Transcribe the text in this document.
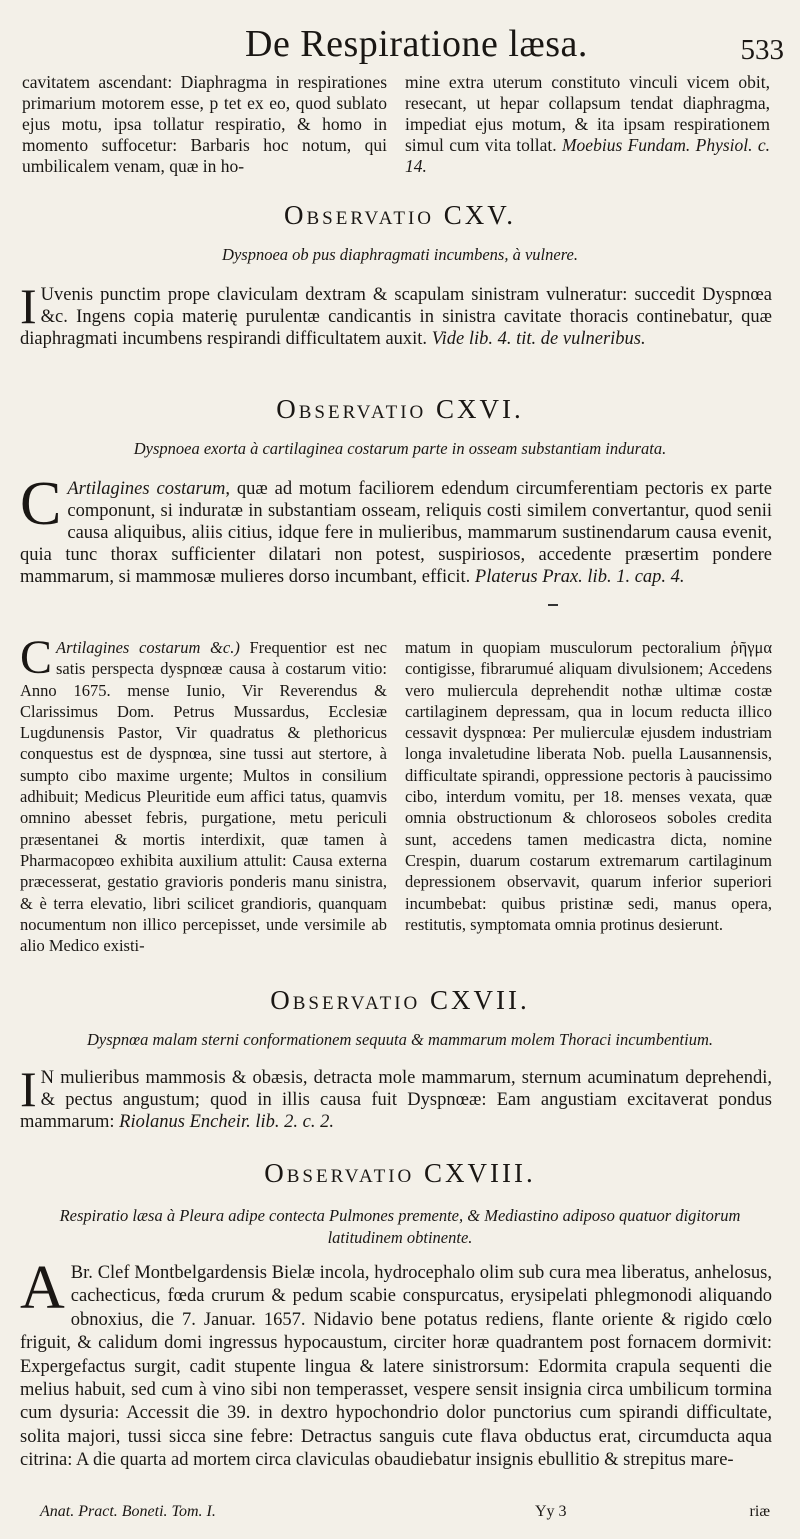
De Respiratione læsa.	533

cavitatem ascendant: Diaphragma in respirationes primarium motorem esse, p tet ex eo, quod sublato ejus motu, ipsa tollatur respiratio, & homo in momento suffocetur: Barbaris hoc notum, qui umbilicalem venam, quæ in ho-

mine extra uterum constituto vinculi vicem obit, resecant, ut hepar collapsum tendat diaphragma, impediat ejus motum, & ita ipsam respirationem simul cum vita tollat. Moebius Fundam. Physiol. c. 14.

Observatio CXV.
Dyspnoea ob pus diaphragmati incumbens, à vulnere.

I Uvenis punctim prope claviculam dextram & scapulam sinistram vulneratur: succedit Dyspnœa &c. Ingens copia materię purulentæ candicantis in sinistra cavitate thoracis continebatur, quæ diaphragmati incumbens respirandi difficultatem auxit. Vide lib. 4. tit. de vulneribus.

Observatio CXVI.
Dyspnoea exorta à cartilaginea costarum parte in osseam substantiam indurata.

C Artilagines costarum, quæ ad motum faciliorem edendum circumferentiam pectoris ex parte componunt, si induratæ in substantiam osseam, reliquis costi similem convertantur, quod senii causa aliquibus, aliis citius, idque fere in mulieribus, mammarum sustinendarum causa evenit, quia tunc thorax sufficienter dilatari non potest, suspiriosos, accedente præsertim pondere mammarum, si mammosæ mulieres dorso incumbant, efficit. Platerus Prax. lib. 1. cap. 4.

C Artilagines costarum &c.) Frequentior est nec satis perspecta dyspnœæ causa à costarum vitio: Anno 1675. mense Iunio, Vir Reverendus & Clarissimus Dom. Petrus Mussardus, Ecclesiæ Lugdunensis Pastor, Vir quadratus & plethoricus conquestus est de dyspnœa, sine tussi aut stertore, à sumpto cibo maxime urgente; Multos in consilium adhibuit; Medicus Pleuritide eum affici tatus, quamvis omnino abesset febris, purgatione, metu periculi præsentanei & mortis interdixit, quæ tamen à Pharmacopœo exhibita auxilium attulit: Causa externa præcesserat, gestatio gravioris ponderis manu sinistra, & è terra elevatio, libri scilicet grandioris, quanquam nocumentum non illico percepisset, unde versimile ab alio Medico existi-

matum in quopiam musculorum pectoralium ῥῆγμα contigisse, fibrarumué aliquam divulsionem; Accedens vero muliercula deprehendit nothæ ultimæ costæ cartilaginem depressam, qua in locum reducta illico cessavit dyspnœa: Per mulierculæ ejusdem industriam longa invaletudine liberata Nob. puella Lausannensis, difficultate spirandi, oppressione pectoris à paucissimo cibo, interdum vomitu, per 18. menses vexata, quæ omnia obstructionum & chloroseos soboles credita sunt, accedens tamen medicastra dicta, nomine Crespin, duarum costarum extremarum cartilaginum depressionem observavit, quarum inferior superiori incumbebat: quibus pristinæ sedi, manus opera, restitutis, symptomata omnia protinus desierunt.

Observatio CXVII.
Dyspnœa malam sterni conformationem sequuta & mammarum molem Thoraci incumbentium.

I N mulieribus mammosis & obæsis, detracta mole mammarum, sternum acuminatum deprehendi, & pectus angustum; quod in illis causa fuit Dyspnœæ: Eam angustiam excitaverat pondus mammarum: Riolanus Encheir. lib. 2. c. 2.

Observatio CXVIII.
Respiratio læsa à Pleura adipe contecta Pulmones premente, & Mediastino adiposo quatuor digitorum latitudinem obtinente.

A Br. Clef Montbelgardensis Bielæ incola, hydrocephalo olim sub cura mea liberatus, anhelosus, cachecticus, fœda crurum & pedum scabie conspurcatus, erysipelati phlegmonodi aliquando obnoxius, die 7. Januar. 1657. Nidavio bene potatus rediens, flante oriente & rigido cœlo friguit, & calidum domi ingressus hypocaustum, circiter horæ quadrantem post fornacem dormivit: Expergefactus surgit, cadit stupente lingua & latere sinistrorsum: Edormita crapula sequenti die melius habuit, sed cum à vino sibi non temperasset, vespere sensit insignia circa umbilicum tormina cum dysuria: Accessit die 39. in dextro hypochondrio dolor punctorius cum spirandi difficultate, solita majori, tussi sicca sine febre: Detractus sanguis cute flava obductus erat, circumducta aqua citrina: A die quarta ad mortem circa claviculas obaudiebatur insignis ebullitio & strepitus mare-

Anat. Pract. Boneti. Tom. I.	Yy 3	riæ
